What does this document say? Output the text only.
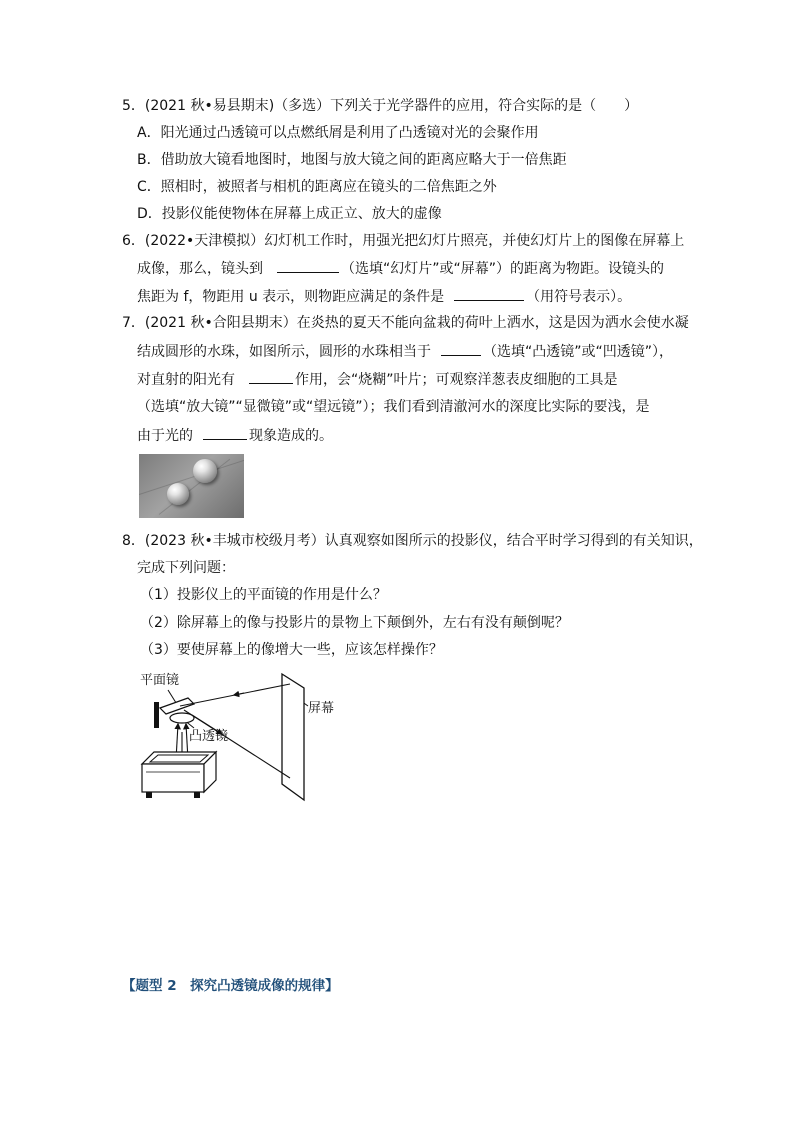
5．(2021 秋•易县期末)（多选）下列关于光学器件的应用，符合实际的是（　　）
A．阳光通过凸透镜可以点燃纸屑是利用了凸透镜对光的会聚作用
B．借助放大镜看地图时，地图与放大镜之间的距离应略大于一倍焦距
C．照相时，被照者与相机的距离应在镜头的二倍焦距之外
D．投影仪能使物体在屏幕上成正立、放大的虚像
6．(2022•天津模拟）幻灯机工作时，用强光把幻灯片照亮，并使幻灯片上的图像在屏幕上
成像，那么，镜头到	（选填“幻灯片”或“屏幕”）的距离为物距。设镜头的
焦距为 f，物距用 u 表示，则物距应满足的条件是	（用符号表示）。
7．(2021 秋•合阳县期末）在炎热的夏天不能向盆栽的荷叶上洒水，这是因为洒水会使水凝
结成圆形的水珠，如图所示，圆形的水珠相当于	（选填“凸透镜”或“凹透镜”），
对直射的阳光有	作用，会“烧糊”叶片；可观察洋葱表皮细胞的工具是
（选填“放大镜”“显微镜”或“望远镜”）；我们看到清澈河水的深度比实际的要浅，是
由于光的	现象造成的。
8．(2023 秋•丰城市校级月考）认真观察如图所示的投影仪，结合平时学习得到的有关知识，
完成下列问题：
（1）投影仪上的平面镜的作用是什么？
（2）除屏幕上的像与投影片的景物上下颠倒外，左右有没有颠倒呢？
（3）要使屏幕上的像增大一些，应该怎样操作？
平面镜
屏幕
凸透镜
【题型 2　探究凸透镜成像的规律】
